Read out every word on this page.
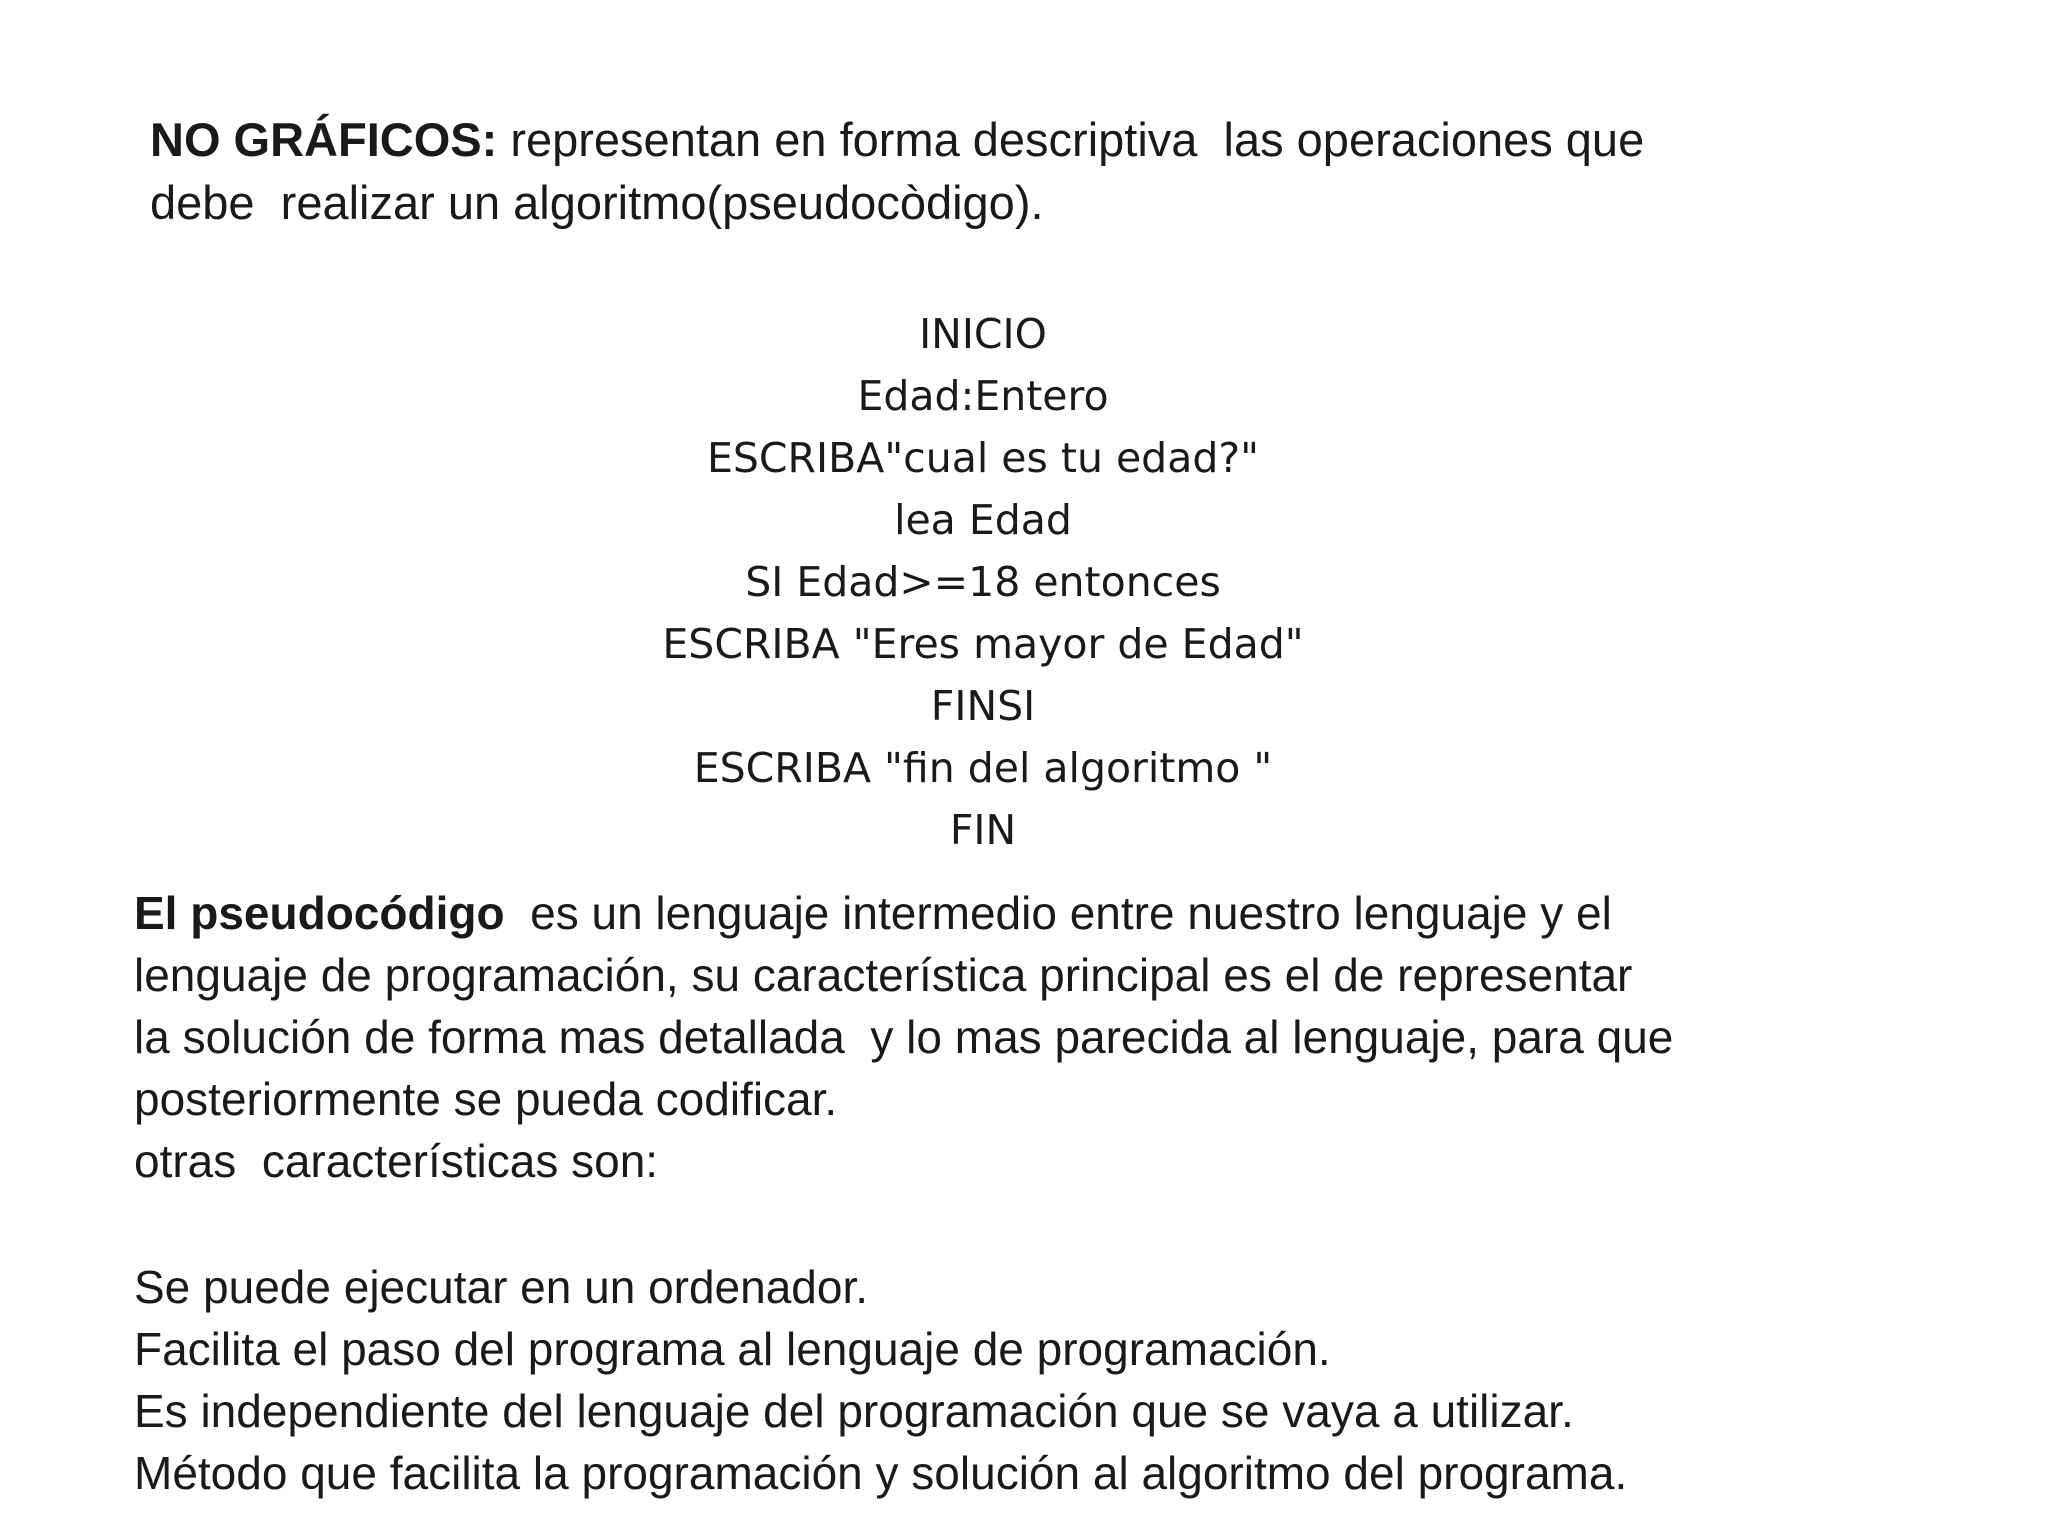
NO GRÁFICOS: representan en forma descriptiva  las operaciones que
debe  realizar un algoritmo(pseudocòdigo).
INICIO
Edad:Entero
ESCRIBA"cual es tu edad?"
lea Edad
SI Edad>=18 entonces
ESCRIBA "Eres mayor de Edad"
FINSI
ESCRIBA "fin del algoritmo "
FIN
El pseudocódigo  es un lenguaje intermedio entre nuestro lenguaje y el
lenguaje de programación, su característica principal es el de representar
la solución de forma mas detallada  y lo mas parecida al lenguaje, para que
posteriormente se pueda codificar.
otras  características son:
Se puede ejecutar en un ordenador.
Facilita el paso del programa al lenguaje de programación.
Es independiente del lenguaje del programación que se vaya a utilizar.
Método que facilita la programación y solución al algoritmo del programa.
